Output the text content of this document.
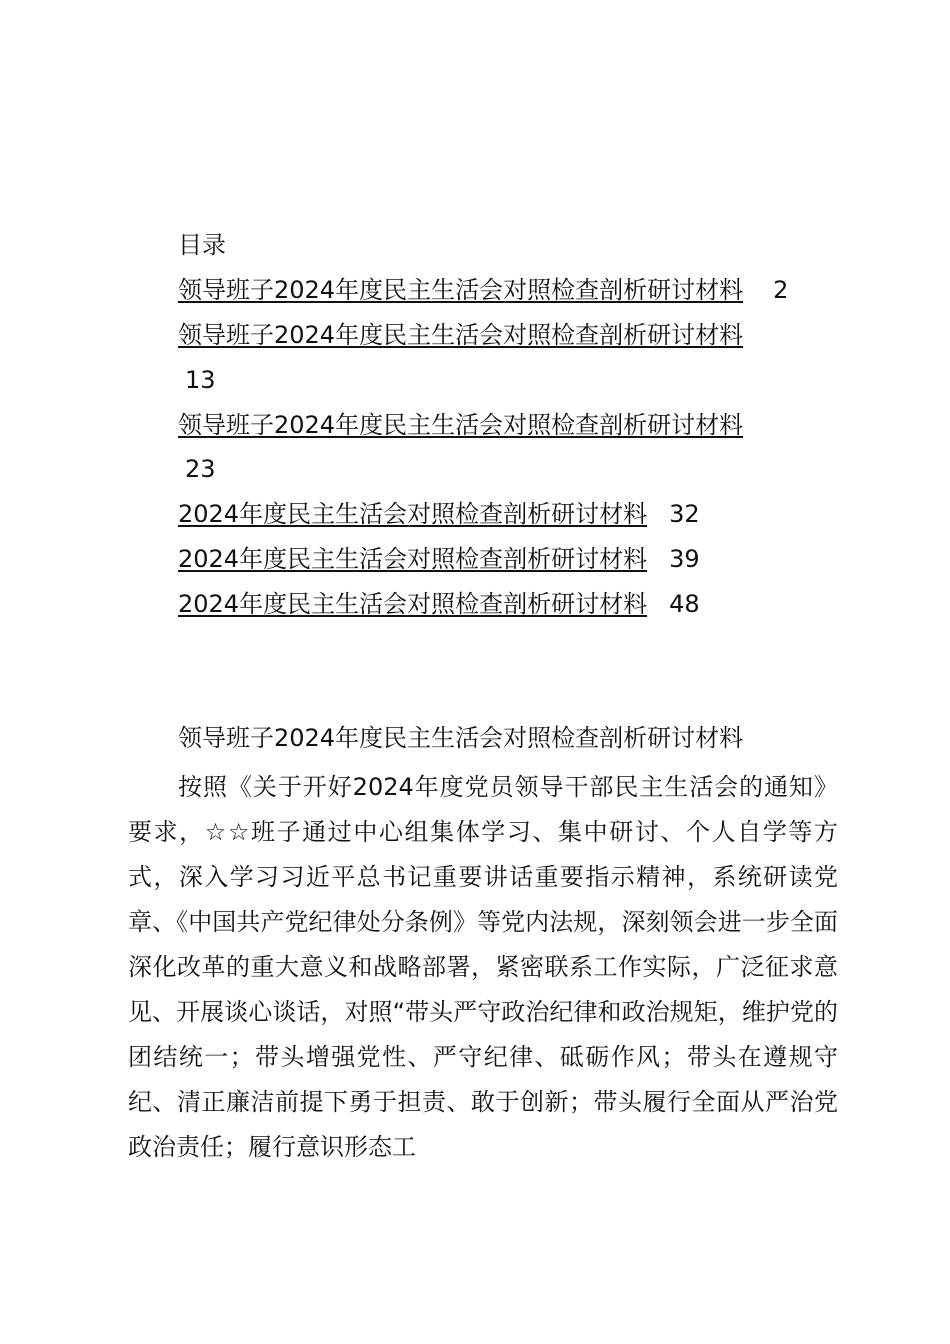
目录
领导班子2024年度民主生活会对照检查剖析研讨材料 2
领导班子2024年度民主生活会对照检查剖析研讨材料
13
领导班子2024年度民主生活会对照检查剖析研讨材料
23
2024年度民主生活会对照检查剖析研讨材料 32
2024年度民主生活会对照检查剖析研讨材料 39
2024年度民主生活会对照检查剖析研讨材料 48
领导班子2024年度民主生活会对照检查剖析研讨材料

按照《关于开好2024年度党员领导干部民主生活会的通知》要求，☆☆班子通过中心组集体学习、集中研讨、个人自学等方式，深入学习习近平总书记重要讲话重要指示精神，系统研读党章、《中国共产党纪律处分条例》等党内法规，深刻领会进一步全面深化改革的重大意义和战略部署，紧密联系工作实际，广泛征求意见、开展谈心谈话，对照“带头严守政治纪律和政治规矩，维护党的团结统一；带头增强党性、严守纪律、砥砺作风；带头在遵规守纪、清正廉洁前提下勇于担责、敢于创新；带头履行全面从严治党政治责任；履行意识形态工
